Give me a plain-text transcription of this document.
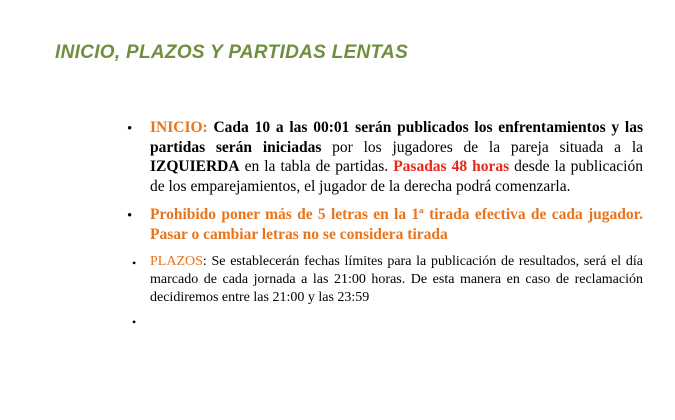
INICIO, PLAZOS Y PARTIDAS LENTAS
• INICIO: Cada 10 a las 00:01 serán publicados los enfrentamientos y las partidas serán iniciadas por los jugadores de la pareja situada a la IZQUIERDA en la tabla de partidas. Pasadas 48 horas desde la publicación de los emparejamientos, el jugador de la derecha podrá comenzarla.
• Prohibido poner más de 5 letras en la 1ª tirada efectiva de cada jugador. Pasar o cambiar letras no se considera tirada
• PLAZOS: Se establecerán fechas límites para la publicación de resultados, será el día marcado de cada jornada a las 21:00 horas. De esta manera en caso de reclamación decidiremos entre las 21:00 y las 23:59
•
